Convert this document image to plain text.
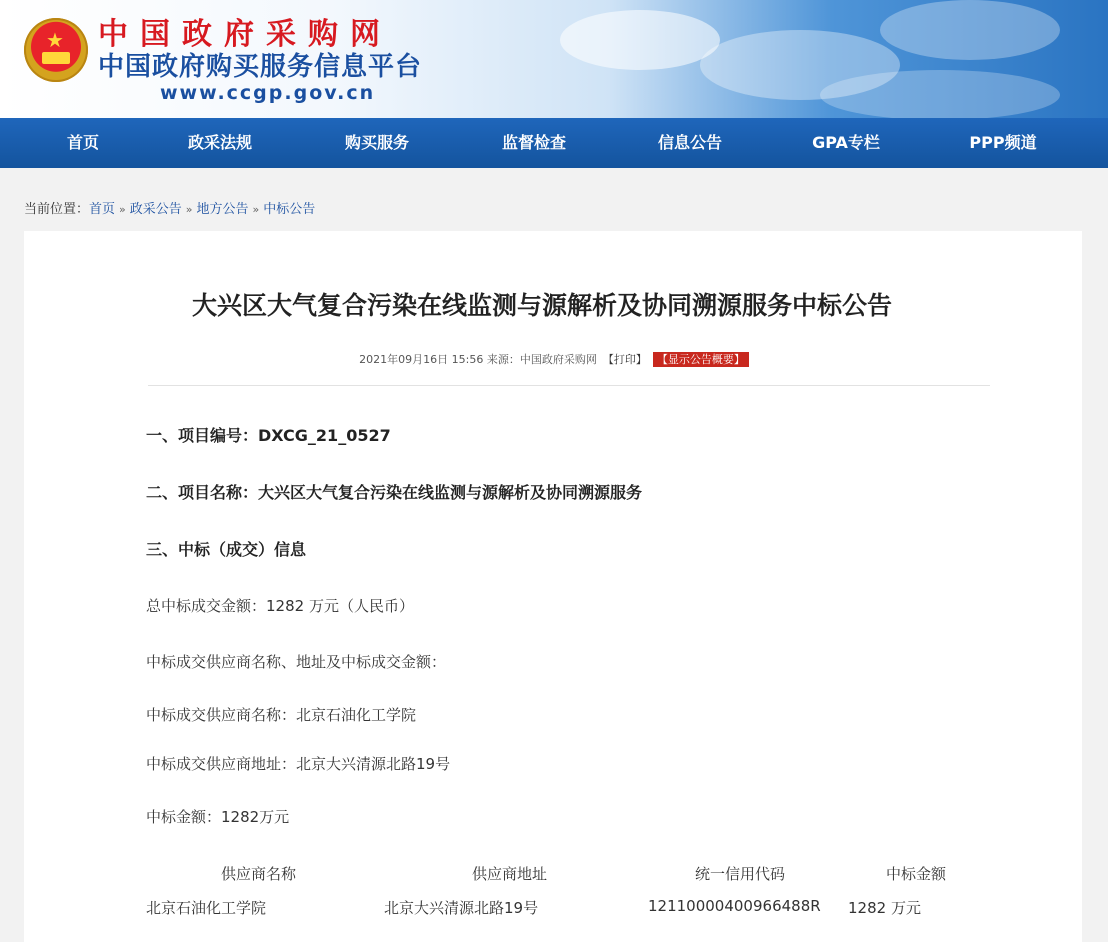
★ 中国政府采购网
中国政府购买服务信息平台
www.ccgp.gov.cn
首页	政采法规	购买服务	监督检查	信息公告	GPA专栏	PPP频道
当前位置：首页 » 政采公告 » 地方公告 » 中标公告
大兴区大气复合污染在线监测与源解析及协同溯源服务中标公告
2021年09月16日 15:56 来源：中国政府采购网 【打印】 【显示公告概要】
一、项目编号：DXCG_21_0527
二、项目名称：大兴区大气复合污染在线监测与源解析及协同溯源服务
三、中标（成交）信息
总中标成交金额：1282 万元（人民币）
中标成交供应商名称、地址及中标成交金额：
中标成交供应商名称：北京石油化工学院
中标成交供应商地址：北京大兴清源北路19号
中标金额：1282万元
供应商名称	供应商地址	统一信用代码	中标金额
北京石油化工学院	北京大兴清源北路19号	12110000400966488R 1282 万元
